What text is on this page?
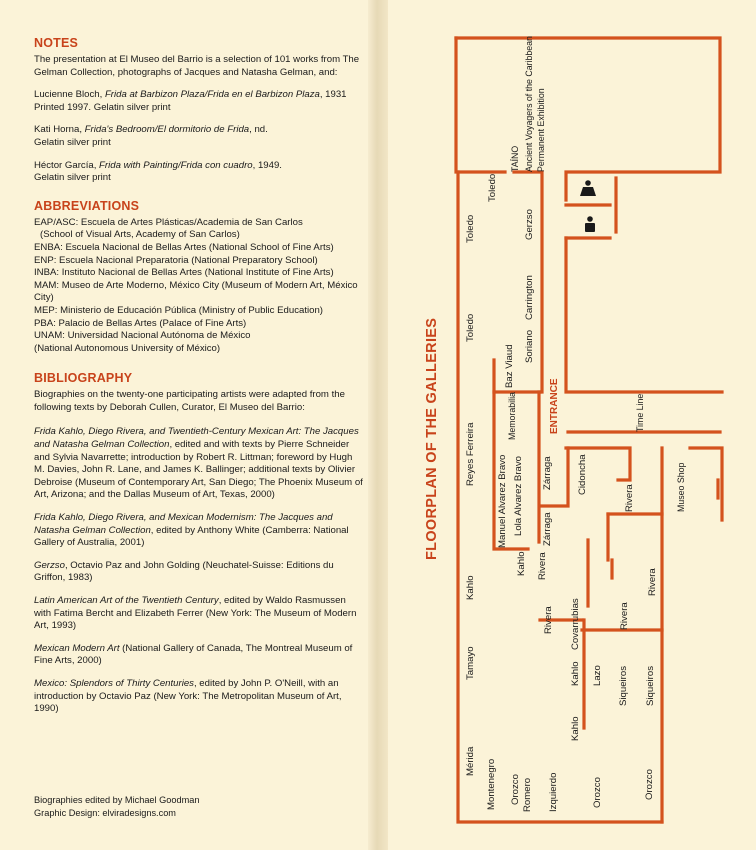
NOTES

The presentation at El Museo del Barrio is a selection of 101 works from The Gelman Collection, photographs of Jacques and Natasha Gelman, and:

Lucienne Bloch, Frida at Barbizon Plaza/Frida en el Barbizon Plaza, 1931
Printed 1997. Gelatin silver print

Kati Horna, Frida's Bedroom/El dormitorio de Frida, nd.
Gelatin silver print

Héctor García, Frida with Painting/Frida con cuadro, 1949.
Gelatin silver print

ABBREVIATIONS
EAP/ASC: Escuela de Artes Plásticas/Academia de San Carlos
(School of Visual Arts, Academy of San Carlos)
ENBA: Escuela Nacional de Bellas Artes (National School of Fine Arts)
ENP: Escuela Nacional Preparatoria (National Preparatory School)
INBA: Instituto Nacional de Bellas Artes (National Institute of Fine Arts)
MAM: Museo de Arte Moderno, México City (Museum of Modern Art, México City)
MEP: Ministerio de Educación Pública (Ministry of Public Education)
PBA: Palacio de Bellas Artes (Palace of Fine Arts)
UNAM: Universidad Nacional Autónoma de México
(National Autonomous University of México)
BIBLIOGRAPHY

Biographies on the twenty-one participating artists were adapted from the following texts by Deborah Cullen, Curator, El Museo del Barrio:

Frida Kahlo, Diego Rivera, and Twentieth-Century Mexican Art: The Jacques and Natasha Gelman Collection, edited and with texts by Pierre Schneider and Sylvia Navarrette; introduction by Robert R. Littman; foreword by Hugh M. Davies, John R. Lane, and James K. Ballinger; additional texts by Olivier Debroise (Museum of Contemporary Art, San Diego; The Phoenix Museum of Art, Arizona; and the Dallas Museum of Art, Texas, 2000)

Frida Kahlo, Diego Rivera, and Mexican Modernism: The Jacques and Natasha Gelman Collection, edited by Anthony White (Camberra: National Gallery of Australia, 2001)

Gerzso, Octavio Paz and John Golding (Neuchatel-Suisse: Editions du Griffon, 1983)

Latin American Art of the Twentieth Century, edited by Waldo Rasmussen with Fatima Bercht and Elizabeth Ferrer (New York: The Museum of Modern Art, 1993)

Mexican Modern Art (National Gallery of Canada, The Montreal Museum of Fine Arts, 2000)

Mexico: Splendors of Thirty Centuries, edited by John P. O'Neill, with an introduction by Octavio Paz (New York: The Metropolitan Museum of Art, 1990)

Biographies edited by Michael Goodman
Graphic Design: elviradesigns.com
FLOORPLAN OF THE GALLERIES
TAÍNO Ancient Voyagers of the Caribbean Permanent Exhibition
ENTRANCE
Memorabilia	Time Line
Museo Shop
Toledo
Toledo	Gerzso
Toledo
Carrington
Soriano
Baz Viaud
Reyes Ferreira
Manuel Alvarez Bravo Lola Alvarez Bravo Zárraga
Zárraga
Cidoncha
Rivera
Kahlo
Kahlo Rivera
Rivera
Rivera Covarrubias	Rivera
Tamayo	Kahlo Lazo Siqueiros Siqueiros
Kahlo
Mérida Montenegro Orozco Romero Izquierdo	Orozco	Orozco
